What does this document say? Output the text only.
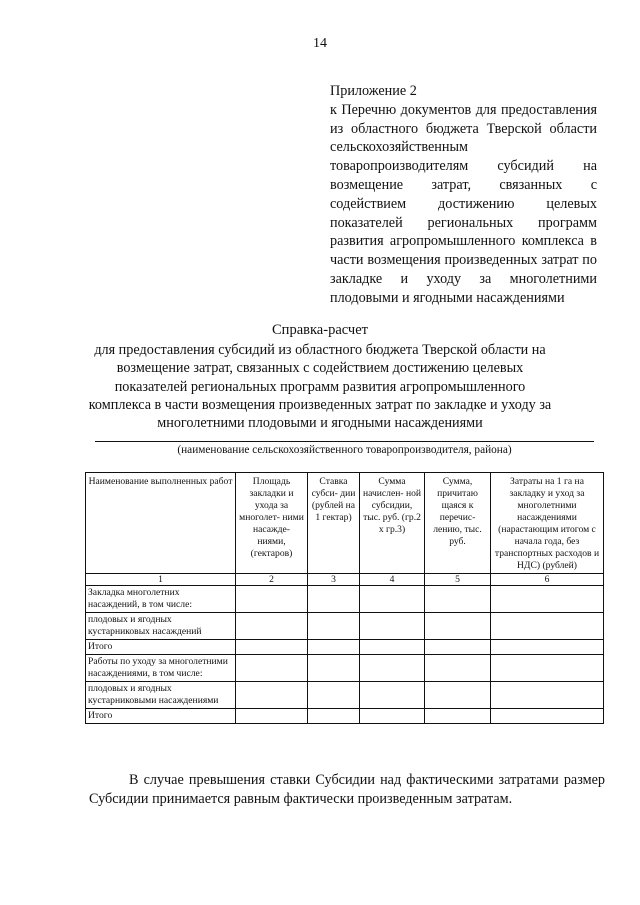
14
Приложение 2
к Перечню документов для предоставления из областного бюджета Тверской области сельскохозяйственным товаропроизводителям субсидий на возмещение затрат, связанных с содействием достижению целевых показателей региональных программ развития агропромышленного комплекса в части возмещения произведенных затрат по закладке и уходу за многолетними плодовыми и ягодными насаждениями
Справка-расчет
для предоставления субсидий из областного бюджета Тверской области на возмещение затрат, связанных с содействием достижению целевых показателей региональных программ развития агропромышленного комплекса в части возмещения произведенных затрат по закладке и уходу за многолетними плодовыми и ягодными насаждениями
(наименование сельскохозяйственного товаропроизводителя, района)
Наименование выполненных работ	Площадь закладки и ухода за многолет- ними насажде- ниями, (гектаров)	Ставка субси- дии (рублей на 1 гектар)	Сумма начислен- ной субсидии, тыс. руб. (гр.2 х гр.3)	Сумма, причитаю щаяся к перечис- лению, тыс. руб.	Затраты на 1 га на закладку и уход за многолетними насаждениями (нарастающим итогом с начала года, без транспортных расходов и НДС) (рублей)
1	2	3	4	5	6
Закладка многолетних насаждений, в том числе:					
плодовых и ягодных кустарниковых насаждений					
Итого					
Работы по уходу за многолетними насаждениями, в том числе:					
плодовых и ягодных кустарниковыми насаждениями					
Итого					
В случае превышения ставки Субсидии над фактическими затратами размер Субсидии принимается равным фактически произведенным затратам.
